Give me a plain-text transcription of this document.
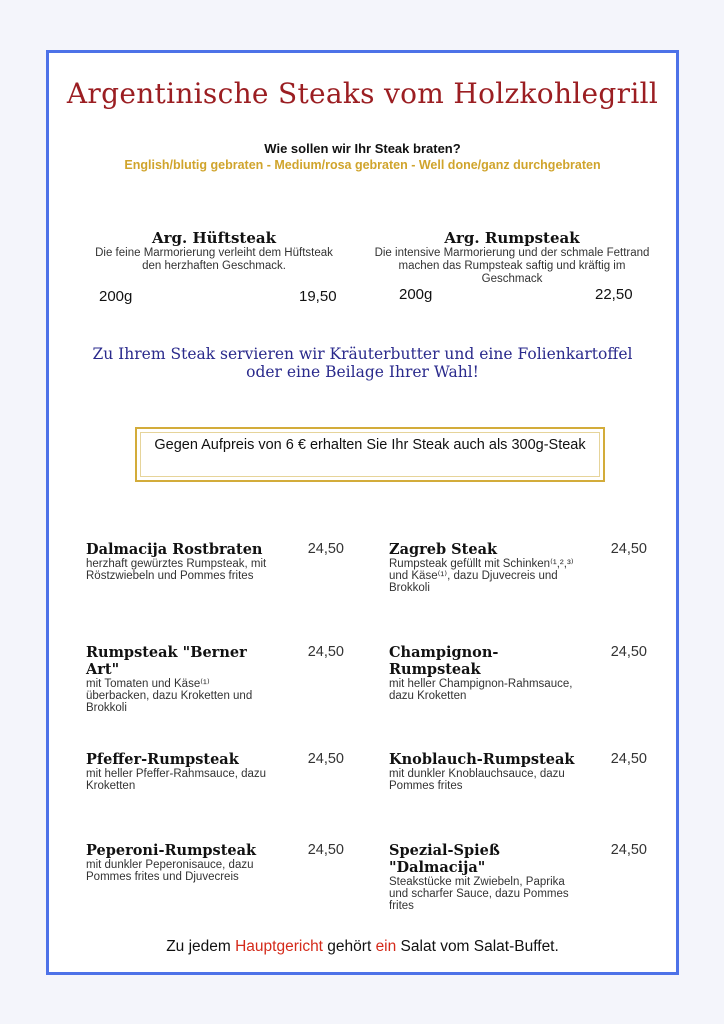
Argentinische Steaks vom Holzkohlegrill
Wie sollen wir Ihr Steak braten?
English/blutig gebraten - Medium/rosa gebraten - Well done/ganz durchgebraten
Arg. Hüftsteak

Die feine Marmorierung verleiht dem Hüftsteak den herzhaften Geschmack.

200g	19,50
Arg. Rumpsteak

Die intensive Marmorierung und der schmale Fettrand machen das Rumpsteak saftig und kräftig im Geschmack

200g	22,50
Zu Ihrem Steak servieren wir Kräuterbutter und eine Folienkartoffel oder eine Beilage Ihrer Wahl!
Gegen Aufpreis von 6 € erhalten Sie Ihr Steak auch als 300g-Steak
Dalmacija Rostbraten

herzhaft gewürztes Rumpsteak, mit Röstzwiebeln und Pommes frites

24,50	Zagreb Steak

Rumpsteak gefüllt mit Schinken⁽¹,²,³⁾ und Käse⁽¹⁾, dazu Djuvecreis und Brokkoli

24,50
Rumpsteak "Berner Art"

mit Tomaten und Käse⁽¹⁾ überbacken, dazu Kroketten und Brokkoli

24,50	Champignon-Rumpsteak

mit heller Champignon-Rahmsauce, dazu Kroketten

24,50
Pfeffer-Rumpsteak

mit heller Pfeffer-Rahmsauce, dazu Kroketten

24,50	Knoblauch-Rumpsteak

mit dunkler Knoblauchsauce, dazu Pommes frites

24,50
Peperoni-Rumpsteak

mit dunkler Peperonisauce, dazu Pommes frites und Djuvecreis

24,50	Spezial-Spieß "Dalmacija"

Steakstücke mit Zwiebeln, Paprika und scharfer Sauce, dazu Pommes frites

24,50
Zu jedem Hauptgericht gehört ein Salat vom Salat-Buffet.
